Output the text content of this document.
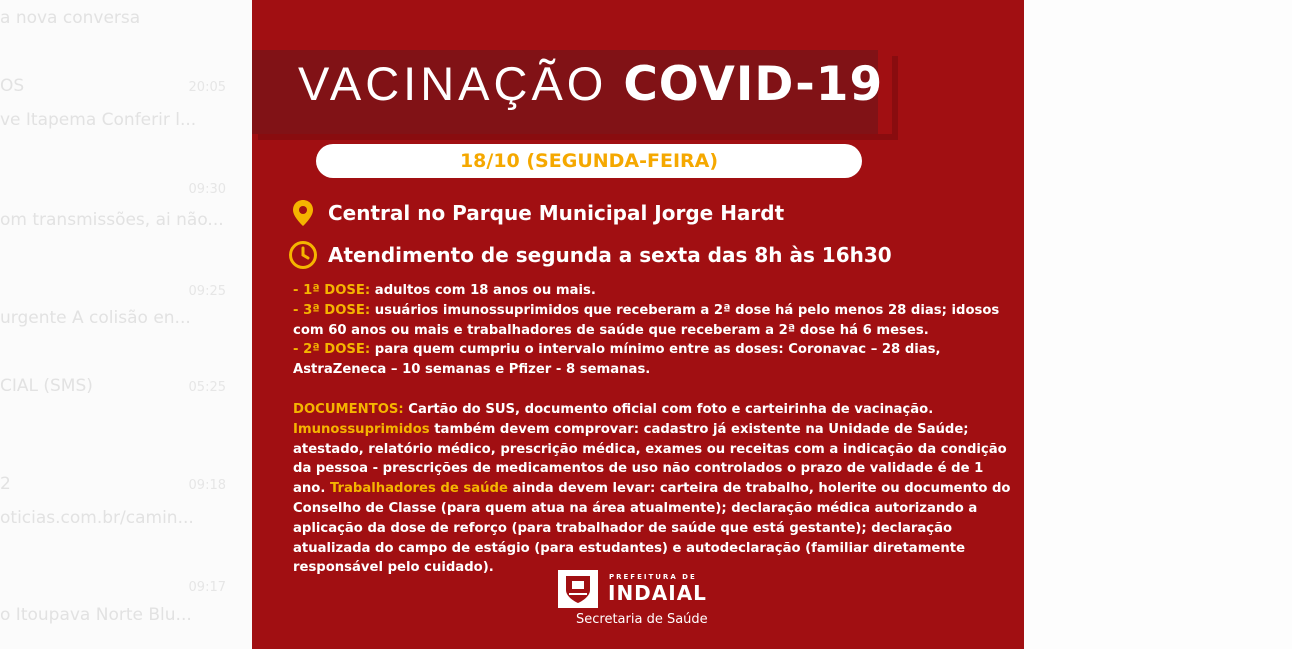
a nova conversa
OS	20:05
ve Itapema Conferir l...
09:30
om transmissões, ai não...
09:25
urgente A colisão en...
CIAL (SMS)	05:25
2	09:18
oticias.com.br/camin...
09:17
o Itoupava Norte Blu...
VACINAÇÃO COVID-19
18/10 (SEGUNDA-FEIRA)
Central no Parque Municipal Jorge Hardt
Atendimento de segunda a sexta das 8h às 16h30

- 1ª DOSE: adultos com 18 anos ou mais.

- 3ª DOSE: usuários imunossuprimidos que receberam a 2ª dose há pelo menos 28 dias; idosos com 60 anos ou mais e trabalhadores de saúde que receberam a 2ª dose há 6 meses.

- 2ª DOSE: para quem cumpriu o intervalo mínimo entre as doses: Coronavac – 28 dias, AstraZeneca – 10 semanas e Pfizer - 8 semanas.

DOCUMENTOS: Cartão do SUS, documento oficial com foto e carteirinha de vacinação.
Imunossuprimidos também devem comprovar: cadastro já existente na Unidade de Saúde; atestado, relatório médico, prescrição médica, exames ou receitas com a indicação da condição da pessoa - prescrições de medicamentos de uso não controlados o prazo de validade é de 1 ano. Trabalhadores de saúde ainda devem levar: carteira de trabalho, holerite ou documento do Conselho de Classe (para quem atua na área atualmente); declaração médica autorizando a aplicação da dose de reforço (para trabalhador de saúde que está gestante); declaração atualizada do campo de estágio (para estudantes) e autodeclaração (familiar diretamente responsável pelo cuidado).

PREFEITURA DE
INDAIAL
Secretaria de Saúde
